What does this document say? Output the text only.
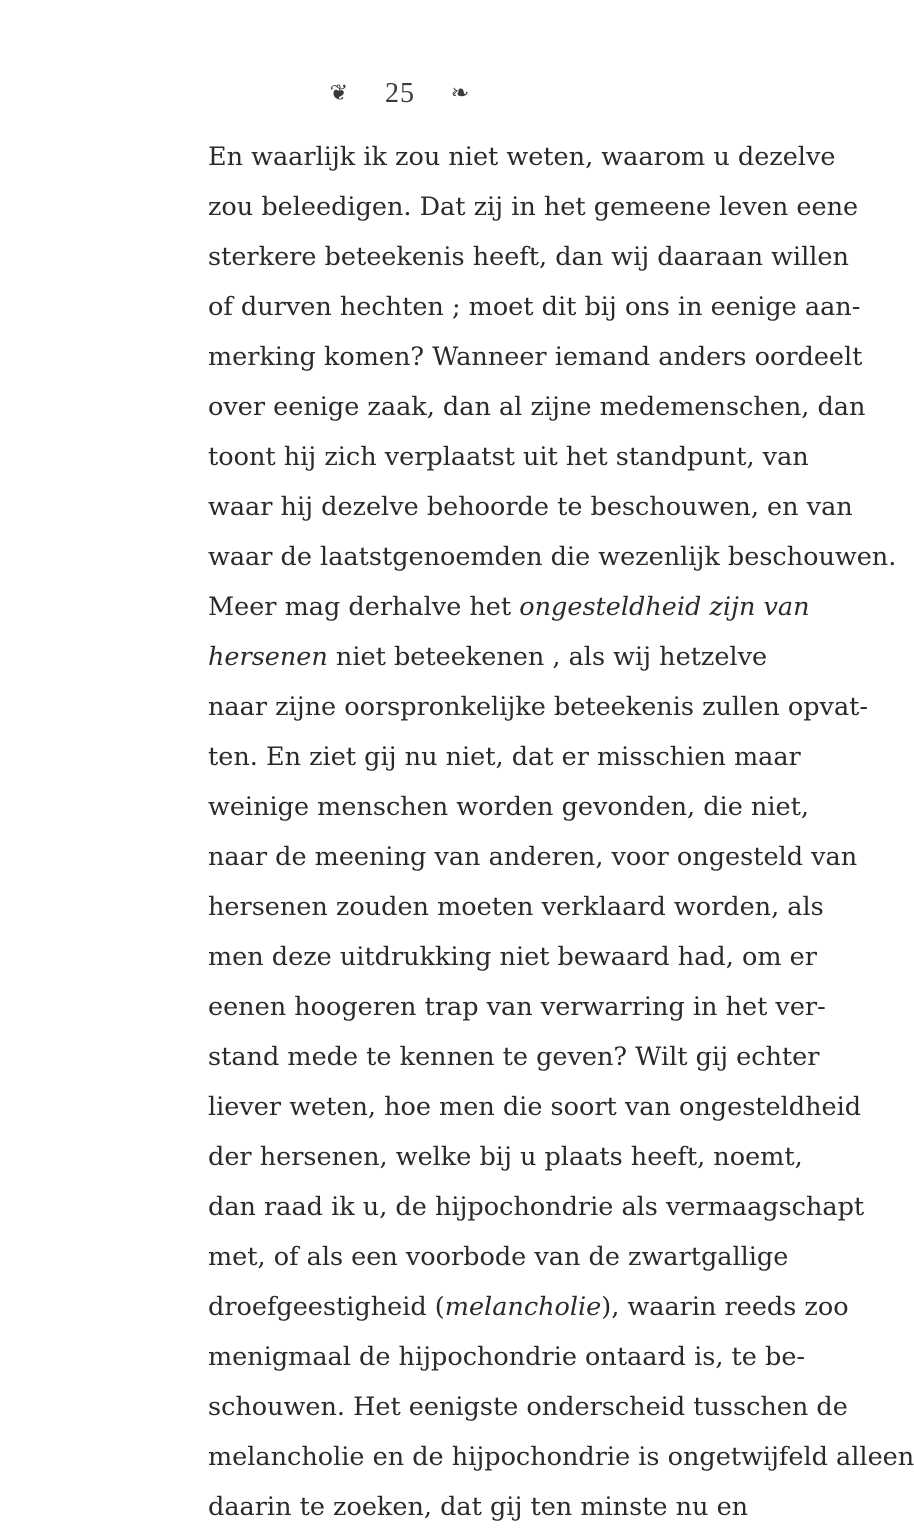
❦ 25 ❧
En waarlijk ik zou niet weten, waarom u dezelve
zou beleedigen. Dat zij in het gemeene leven eene
sterkere beteekenis heeft, dan wij daaraan willen
of durven hechten ; moet dit bij ons in eenige aan-
merking komen? Wanneer iemand anders oordeelt
over eenige zaak, dan al zijne medemenschen, dan
toont hij zich verplaatst uit het standpunt, van
waar hij dezelve behoorde te beschouwen, en van
waar de laatstgenoemden die wezenlijk beschouwen.
Meer mag derhalve het ongesteldheid zijn van
hersenen niet beteekenen , als wij hetzelve
naar zijne oorspronkelijke beteekenis zullen opvat-
ten. En ziet gij nu niet, dat er misschien maar
weinige menschen worden gevonden, die niet,
naar de meening van anderen, voor ongesteld van
hersenen zouden moeten verklaard worden, als
men deze uitdrukking niet bewaard had, om er
eenen hoogeren trap van verwarring in het ver-
stand mede te kennen te geven? Wilt gij echter
liever weten, hoe men die soort van ongesteldheid
der hersenen, welke bij u plaats heeft, noemt,
dan raad ik u, de hijpochondrie als vermaagschapt
met, of als een voorbode van de zwartgallige
droefgeestigheid (melancholie), waarin reeds zoo
menigmaal de hijpochondrie ontaard is, te be-
schouwen. Het eenigste onderscheid tusschen de
melancholie en de hijpochondrie is ongetwijfeld alleen
daarin te zoeken, dat gij ten minste nu en
